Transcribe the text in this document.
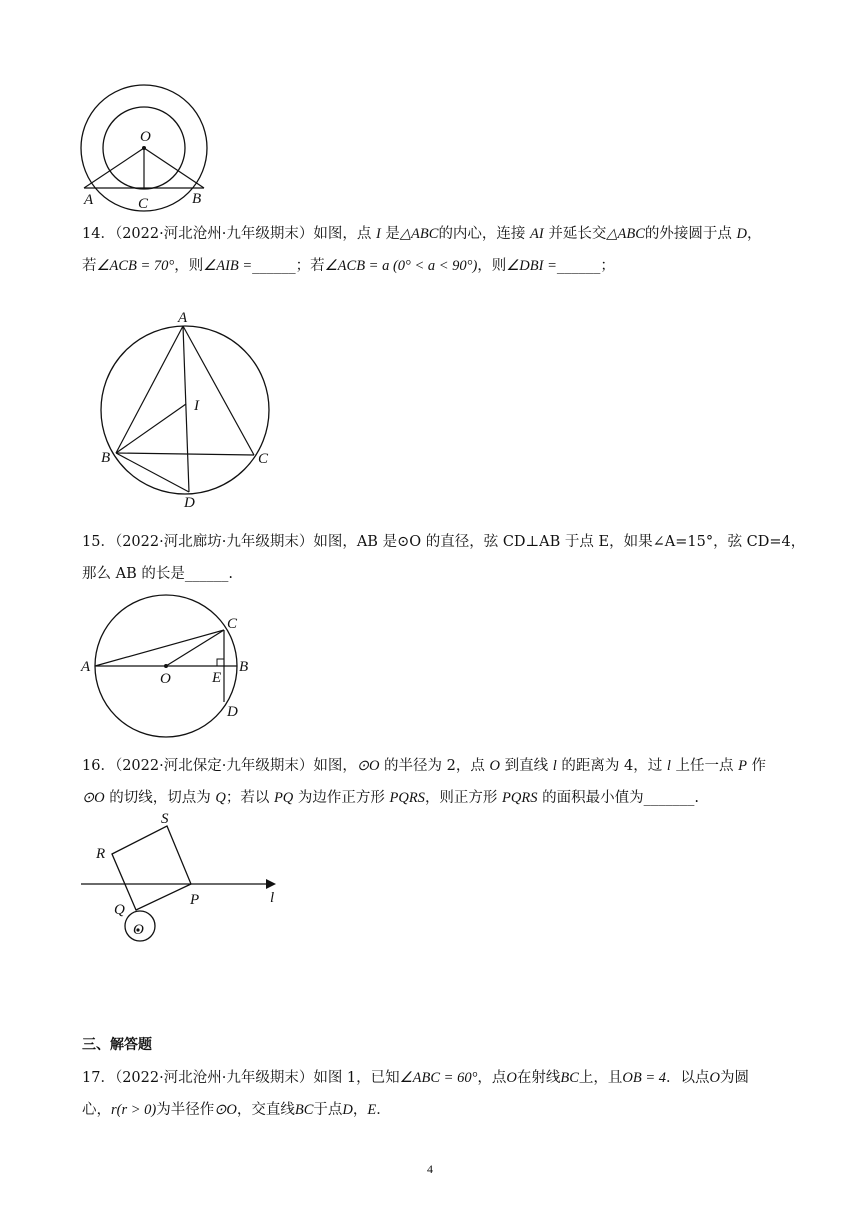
O
A	C	B
14．（2022·河北沧州·九年级期末）如图，点 I 是△ABC的内心，连接 AI 并延长交△ABC的外接圆于点 D，
若∠ACB = 70°，则∠AIB =______；若∠ACB = a (0° < a < 90°)，则∠DBI =______；
A
I
B	C
D
15．（2022·河北廊坊·九年级期末）如图，AB 是⊙O 的直径，弦 CD⊥AB 于点 E，如果∠A=15°，弦 CD=4，
那么 AB 的长是______.
A
O	E
B
C
D
16．（2022·河北保定·九年级期末）如图，⊙O 的半径为 2，点 O 到直线 l 的距离为 4，过 l 上任一点 P 作
⊙O 的切线，切点为 Q；若以 PQ 为边作正方形 PQRS，则正方形 PQRS 的面积最小值为_______.
S
R
P
Q
O
l
三、解答题
17．（2022·河北沧州·九年级期末）如图 1，已知∠ABC = 60°，点O在射线BC上，且OB = 4．以点O为圆
心，r(r > 0)为半径作⊙O，交直线BC于点D，E．
4
